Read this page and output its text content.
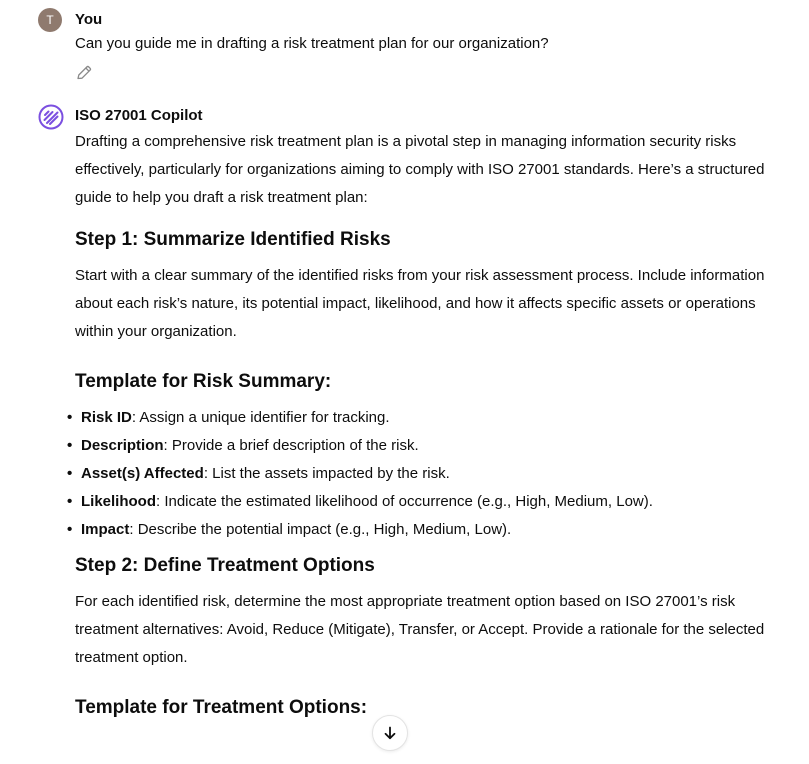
T	You
Can you guide me in drafting a risk treatment plan for our organization?
ISO 27001 Copilot

Drafting a comprehensive risk treatment plan is a pivotal step in managing information security risks effectively, particularly for organizations aiming to comply with ISO 27001 standards. Here’s a structured guide to help you draft a risk treatment plan:

Step 1: Summarize Identified Risks

Start with a clear summary of the identified risks from your risk assessment process. Include information about each risk’s nature, its potential impact, likelihood, and how it affects specific assets or operations within your organization.

Template for Risk Summary:
• Risk ID: Assign a unique identifier for tracking.
• Description: Provide a brief description of the risk.
• Asset(s) Affected: List the assets impacted by the risk.
• Likelihood: Indicate the estimated likelihood of occurrence (e.g., High, Medium, Low).
• Impact: Describe the potential impact (e.g., High, Medium, Low).
Step 2: Define Treatment Options

For each identified risk, determine the most appropriate treatment option based on ISO 27001’s risk treatment alternatives: Avoid, Reduce (Mitigate), Transfer, or Accept. Provide a rationale for the selected treatment option.

Template for Treatment Options:
